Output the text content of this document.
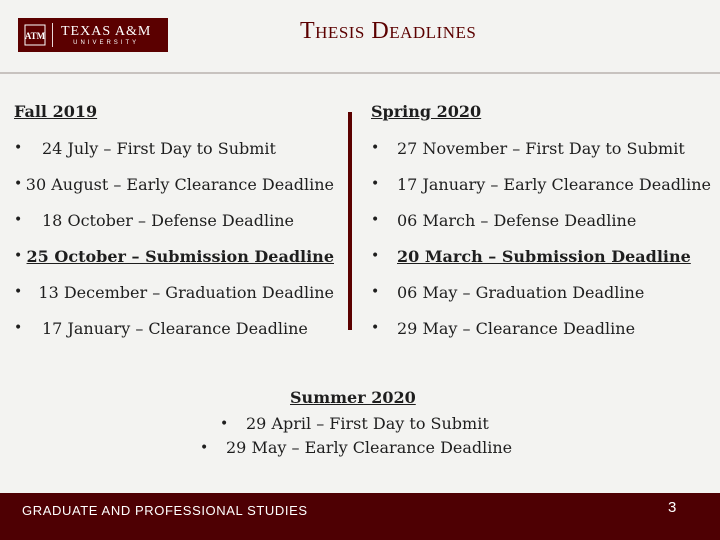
ATM TEXAS A&M
UNIVERSITY	Thesis Deadlines
Fall 2019
•	24 July – First Day to Submit
• 30 August – Early Clearance Deadline
•	18 October – Defense Deadline
• 25 October – Submission Deadline
•	13 December – Graduation Deadline
•	17 January – Clearance Deadline
Spring 2020
•	27 November – First Day to Submit
•	17 January – Early Clearance Deadline
•	06 March – Defense Deadline
•	20 March – Submission Deadline
•	06 May – Graduation Deadline
•	29 May – Clearance Deadline
Summer 2020
•	29 April – First Day to Submit
•	29 May – Early Clearance Deadline
GRADUATE AND PROFESSIONAL STUDIES	3
